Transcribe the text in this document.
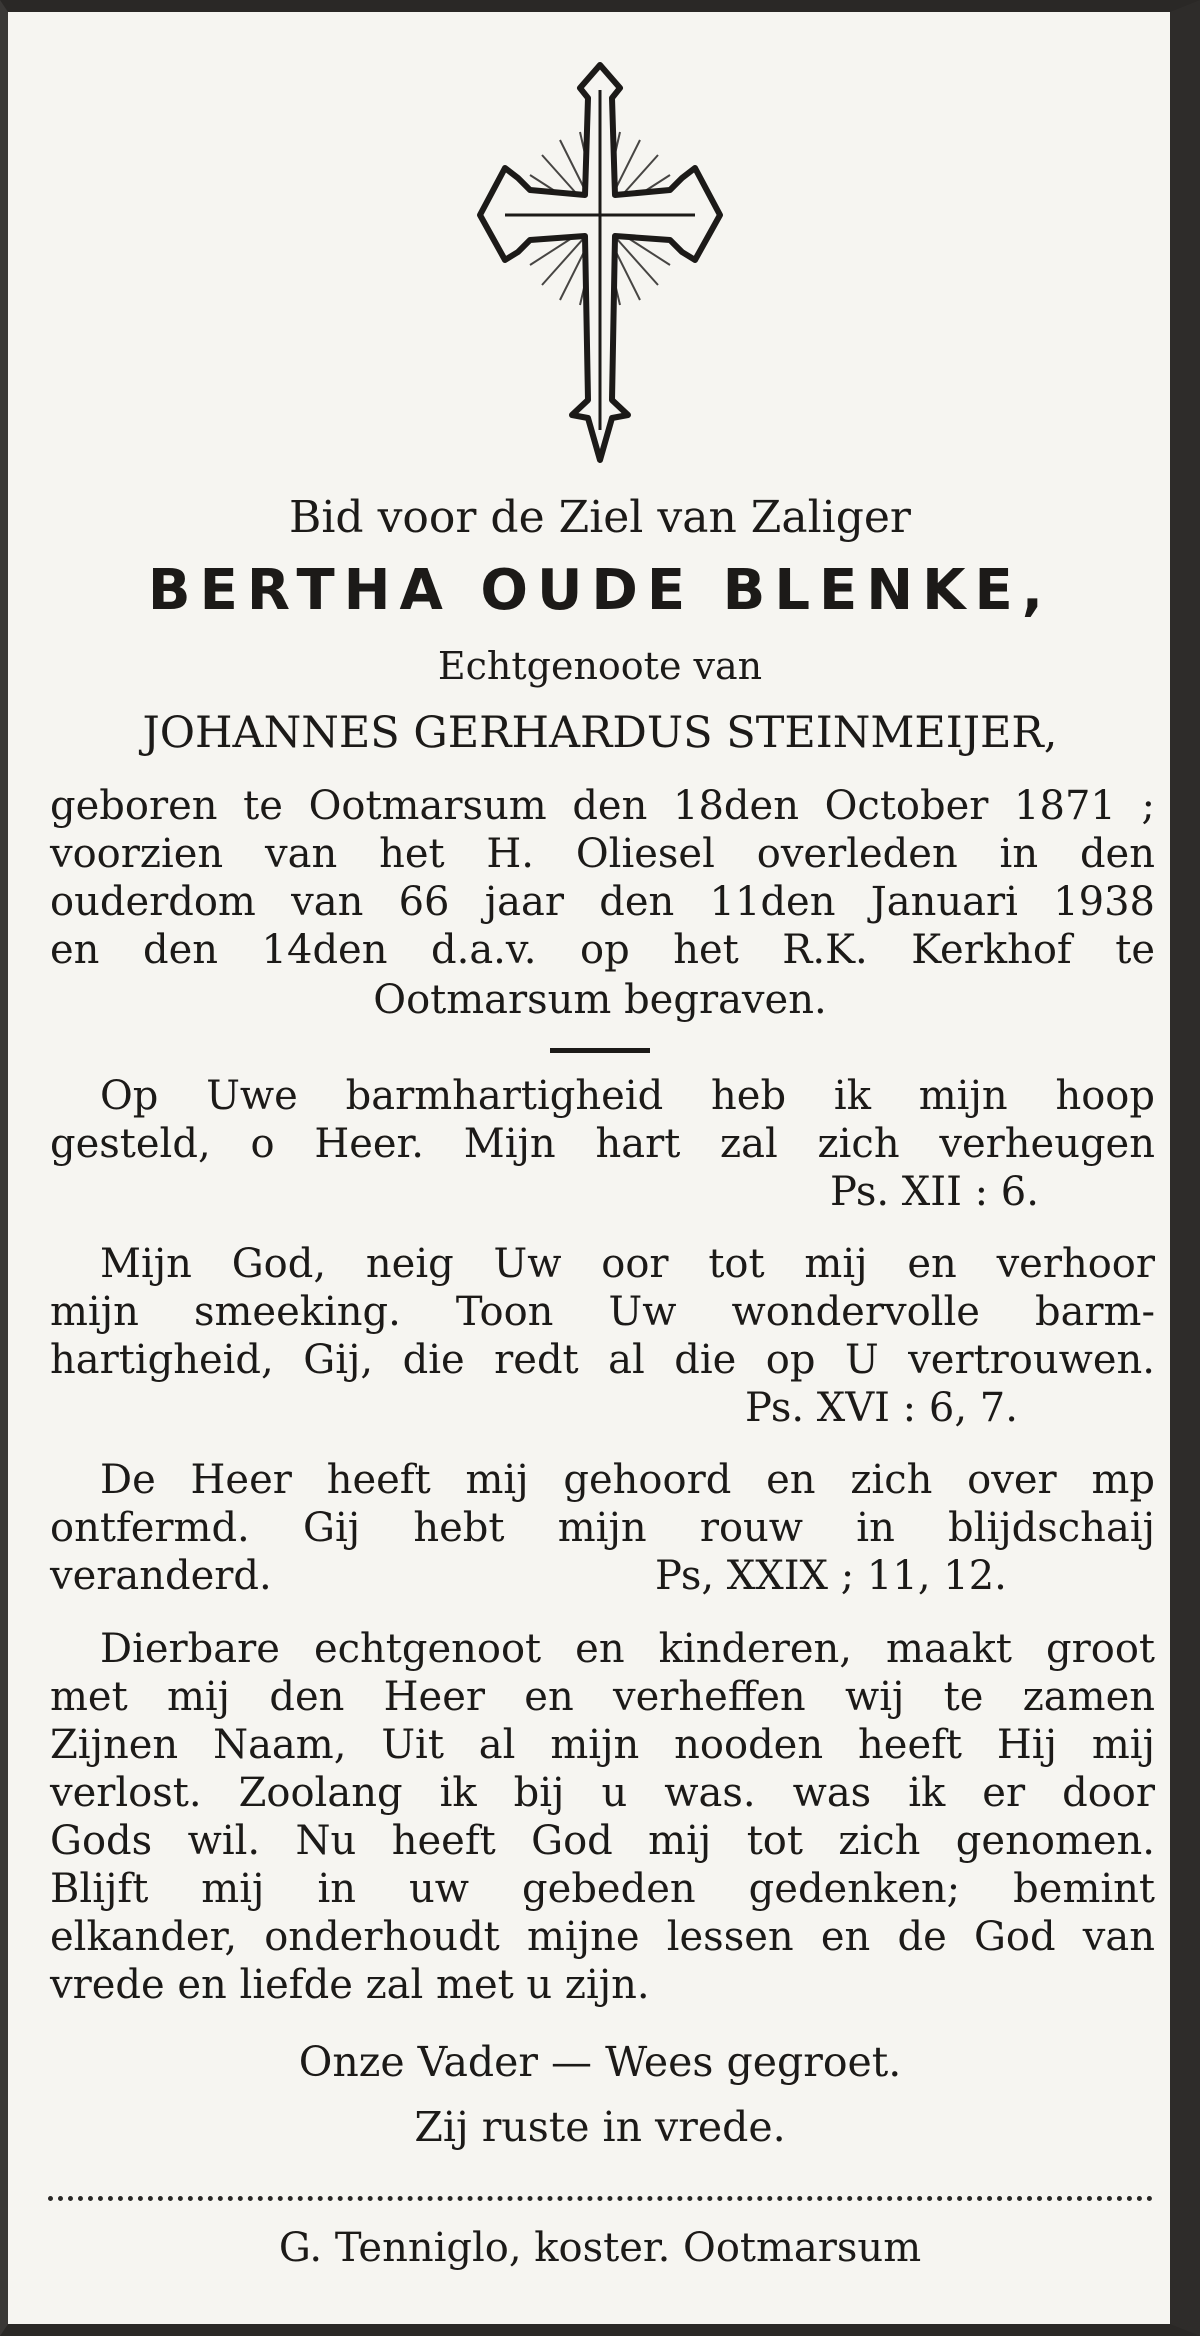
Bid voor de Ziel van Zaliger

BERTHA OUDE BLENKE,

Echtgenoote van

JOHANNES GERHARDUS STEINMEIJER,

geboren te Ootmarsum den 18den October 1871 ;

voorzien van het H. Oliesel overleden in den

ouderdom van 66 jaar den 11den Januari 1938

en den 14den d.a.v. op het R.K. Kerkhof te

Ootmarsum begraven.

Op Uwe barmhartigheid heb ik mijn hoop

gesteld, o Heer. Mijn hart zal zich verheugen

Ps. XII : 6.

Mijn God, neig Uw oor tot mij en verhoor

mijn smeeking. Toon Uw wondervolle barm-

hartigheid, Gij, die redt al die op U vertrouwen.

Ps. XVI : 6, 7.

De Heer heeft mij gehoord en zich over mp

ontfermd. Gij hebt mijn rouw in blijdschaij

veranderd.	Ps, XXIX ; 11, 12.

Dierbare echtgenoot en kinderen, maakt groot

met mij den Heer en verheffen wij te zamen

Zijnen Naam, Uit al mijn nooden heeft Hij mij

verlost. Zoolang ik bij u was. was ik er door

Gods wil. Nu heeft God mij tot zich genomen.

Blijft mij in uw gebeden gedenken; bemint

elkander, onderhoudt mijne lessen en de God van

vrede en liefde zal met u zijn.

Onze Vader — Wees gegroet.

Zij ruste in vrede.

G. Tenniglo, koster. Ootmarsum
